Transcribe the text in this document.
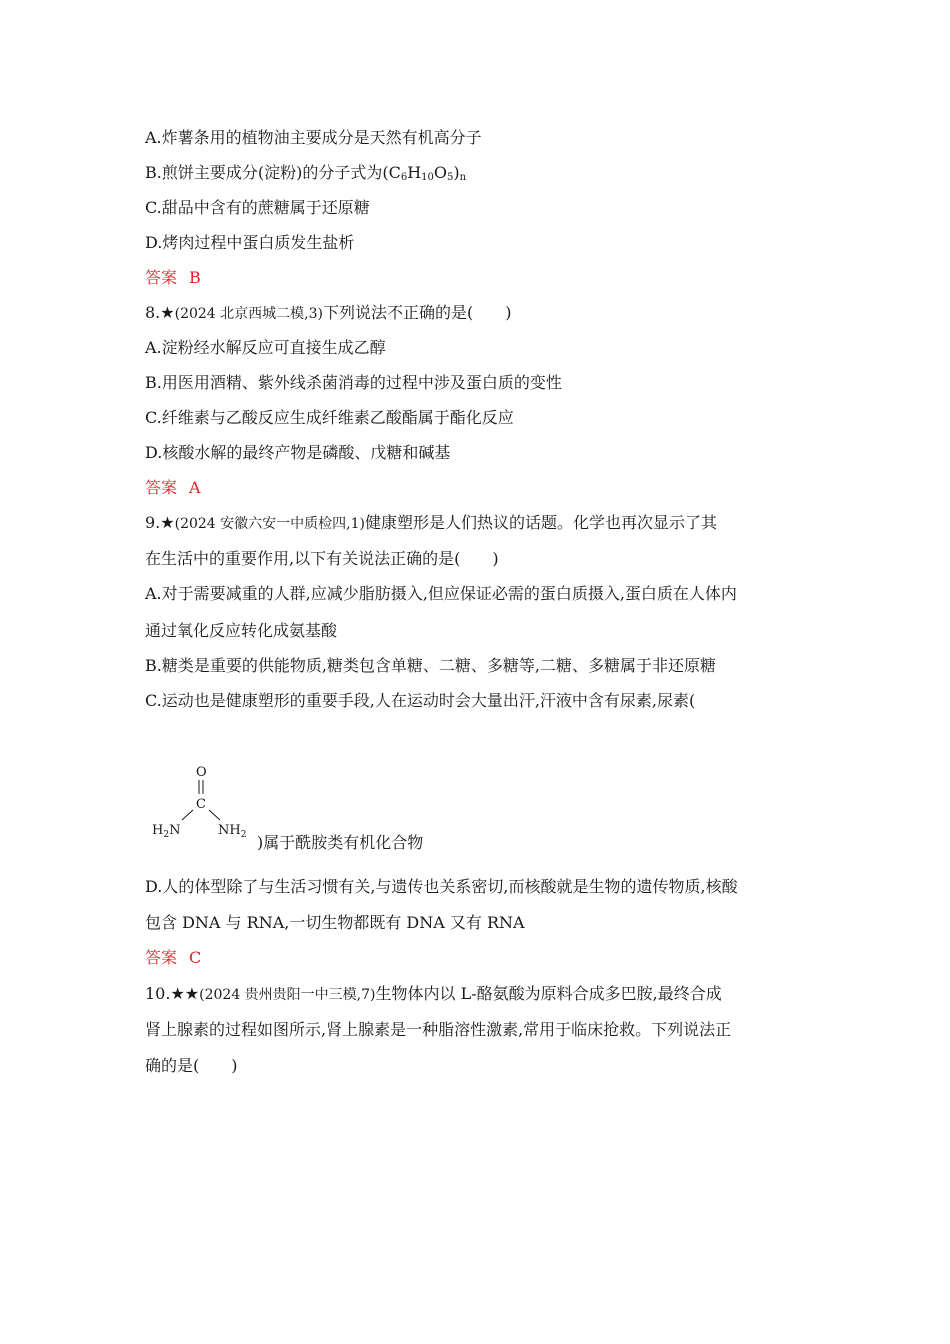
A.炸薯条用的植物油主要成分是天然有机高分子
B.煎饼主要成分(淀粉)的分子式为$(C_6H_{10}O_5)_n$
C.甜品中含有的蔗糖属于还原糖
D.烤肉过程中蛋白质发生盐析
答案 B
8.★(2024 北京西城二模,3)下列说法不正确的是(　　)
A.淀粉经水解反应可直接生成乙醇
B.用医用酒精、紫外线杀菌消毒的过程中涉及蛋白质的变性
C.纤维素与乙酸反应生成纤维素乙酸酯属于酯化反应
D.核酸水解的最终产物是磷酸、戊糖和碱基
答案 A
9.★(2024 安徽六安一中质检四,1)健康塑形是人们热议的话题。化学也再次显示了其
在生活中的重要作用,以下有关说法正确的是(　　)
A.对于需要减重的人群,应减少脂肪摄入,但应保证必需的蛋白质摄入,蛋白质在人体内
通过氧化反应转化成氨基酸
B.糖类是重要的供能物质,糖类包含单糖、二糖、多糖等,二糖、多糖属于非还原糖
C.运动也是健康塑形的重要手段,人在运动时会大量出汗,汗液中含有尿素,尿素(
O
C
$H_2N$	$NH_2$ )属于酰胺类有机化合物
D.人的体型除了与生活习惯有关,与遗传也关系密切,而核酸就是生物的遗传物质,核酸
包含 DNA 与 RNA,一切生物都既有 DNA 又有 RNA
答案 C
10.★★(2024 贵州贵阳一中三模,7)生物体内以 L-酪氨酸为原料合成多巴胺,最终合成
肾上腺素的过程如图所示,肾上腺素是一种脂溶性激素,常用于临床抢救。下列说法正
确的是(　　)
